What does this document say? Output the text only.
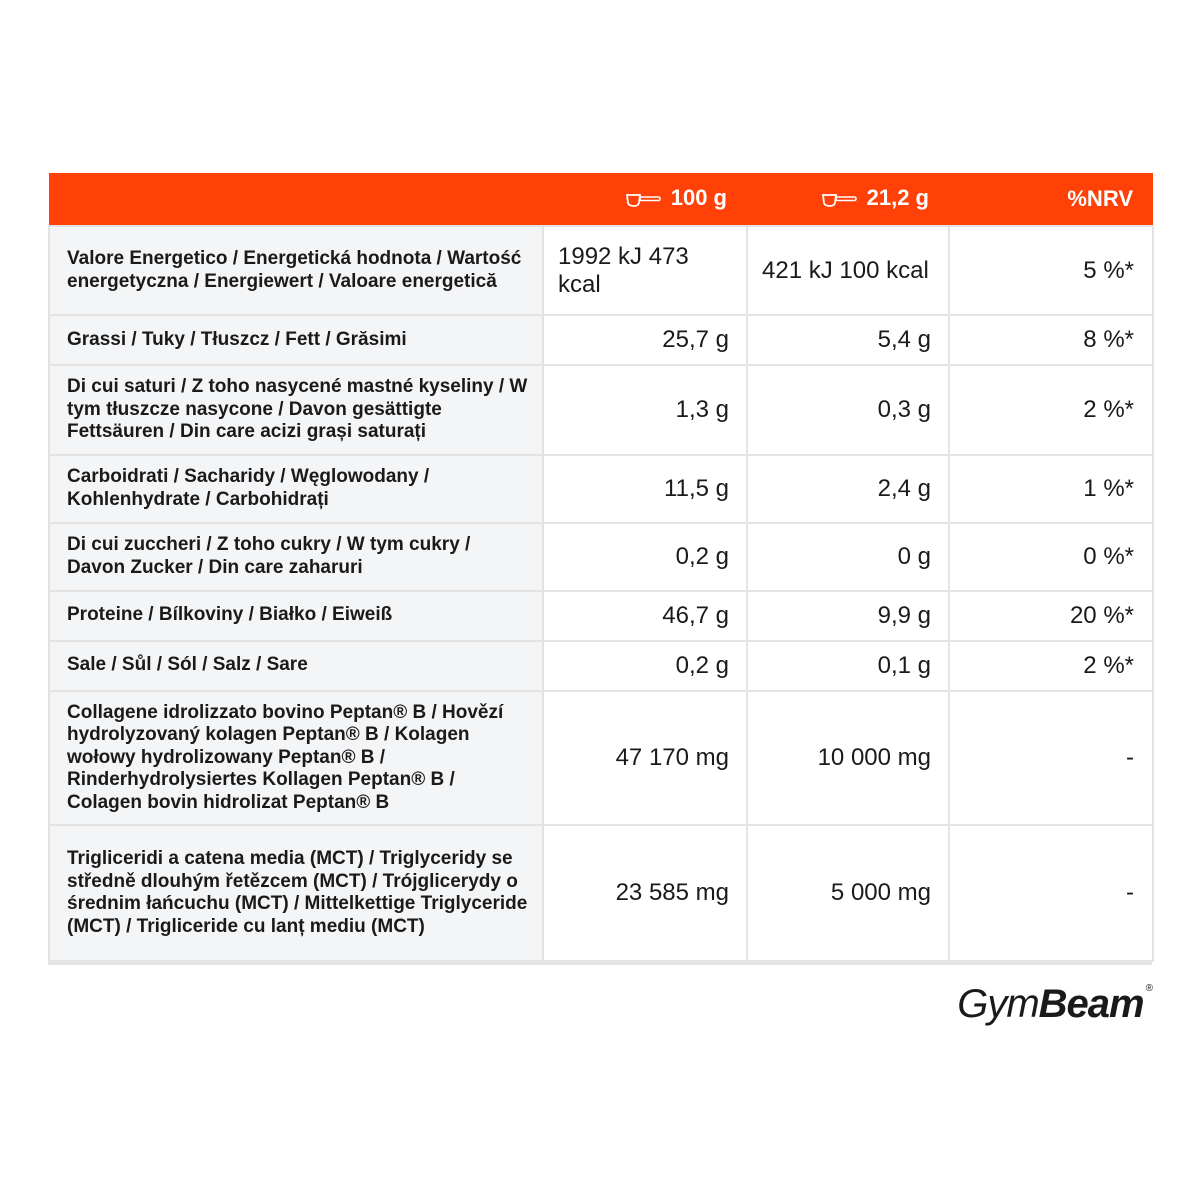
	100 g	21,2 g	%NRV
Valore Energetico / Energetická hodnota / Wartość energetyczna / Energiewert / Valoare energetică	1992 kJ 473 kcal	421 kJ 100 kcal	5 %*
Grassi / Tuky / Tłuszcz / Fett / Grăsimi	25,7 g	5,4 g	8 %*
Di cui saturi / Z toho nasycené mastné kyseliny / W tym tłuszcze nasycone / Davon gesättigte Fettsäuren / Din care acizi grași saturați	1,3 g	0,3 g	2 %*
Carboidrati / Sacharidy / Węglowodany / Kohlenhydrate / Carbohidrați	11,5 g	2,4 g	1 %*
Di cui zuccheri / Z toho cukry / W tym cukry / Davon Zucker / Din care zaharuri	0,2 g	0 g	0 %*
Proteine / Bílkoviny / Białko / Eiweiß	46,7 g	9,9 g	20 %*
Sale / Sůl / Sól / Salz / Sare	0,2 g	0,1 g	2 %*
Collagene idrolizzato bovino Peptan® B / Hovězí hydrolyzovaný kolagen Peptan® B / Kolagen wołowy hydrolizowany Peptan® B / Rinderhydrolysiertes Kollagen Peptan® B / Colagen bovin hidrolizat Peptan® B	47 170 mg	10 000 mg	-
Trigliceridi a catena media (MCT) / Triglyceridy se středně dlouhým řetězcem (MCT) / Trójglicerydy o średnim łańcuchu (MCT) / Mittelkettige Triglyceride (MCT) / Trigliceride cu lanț mediu (MCT)	23 585 mg	5 000 mg	-
GymBeam ®
